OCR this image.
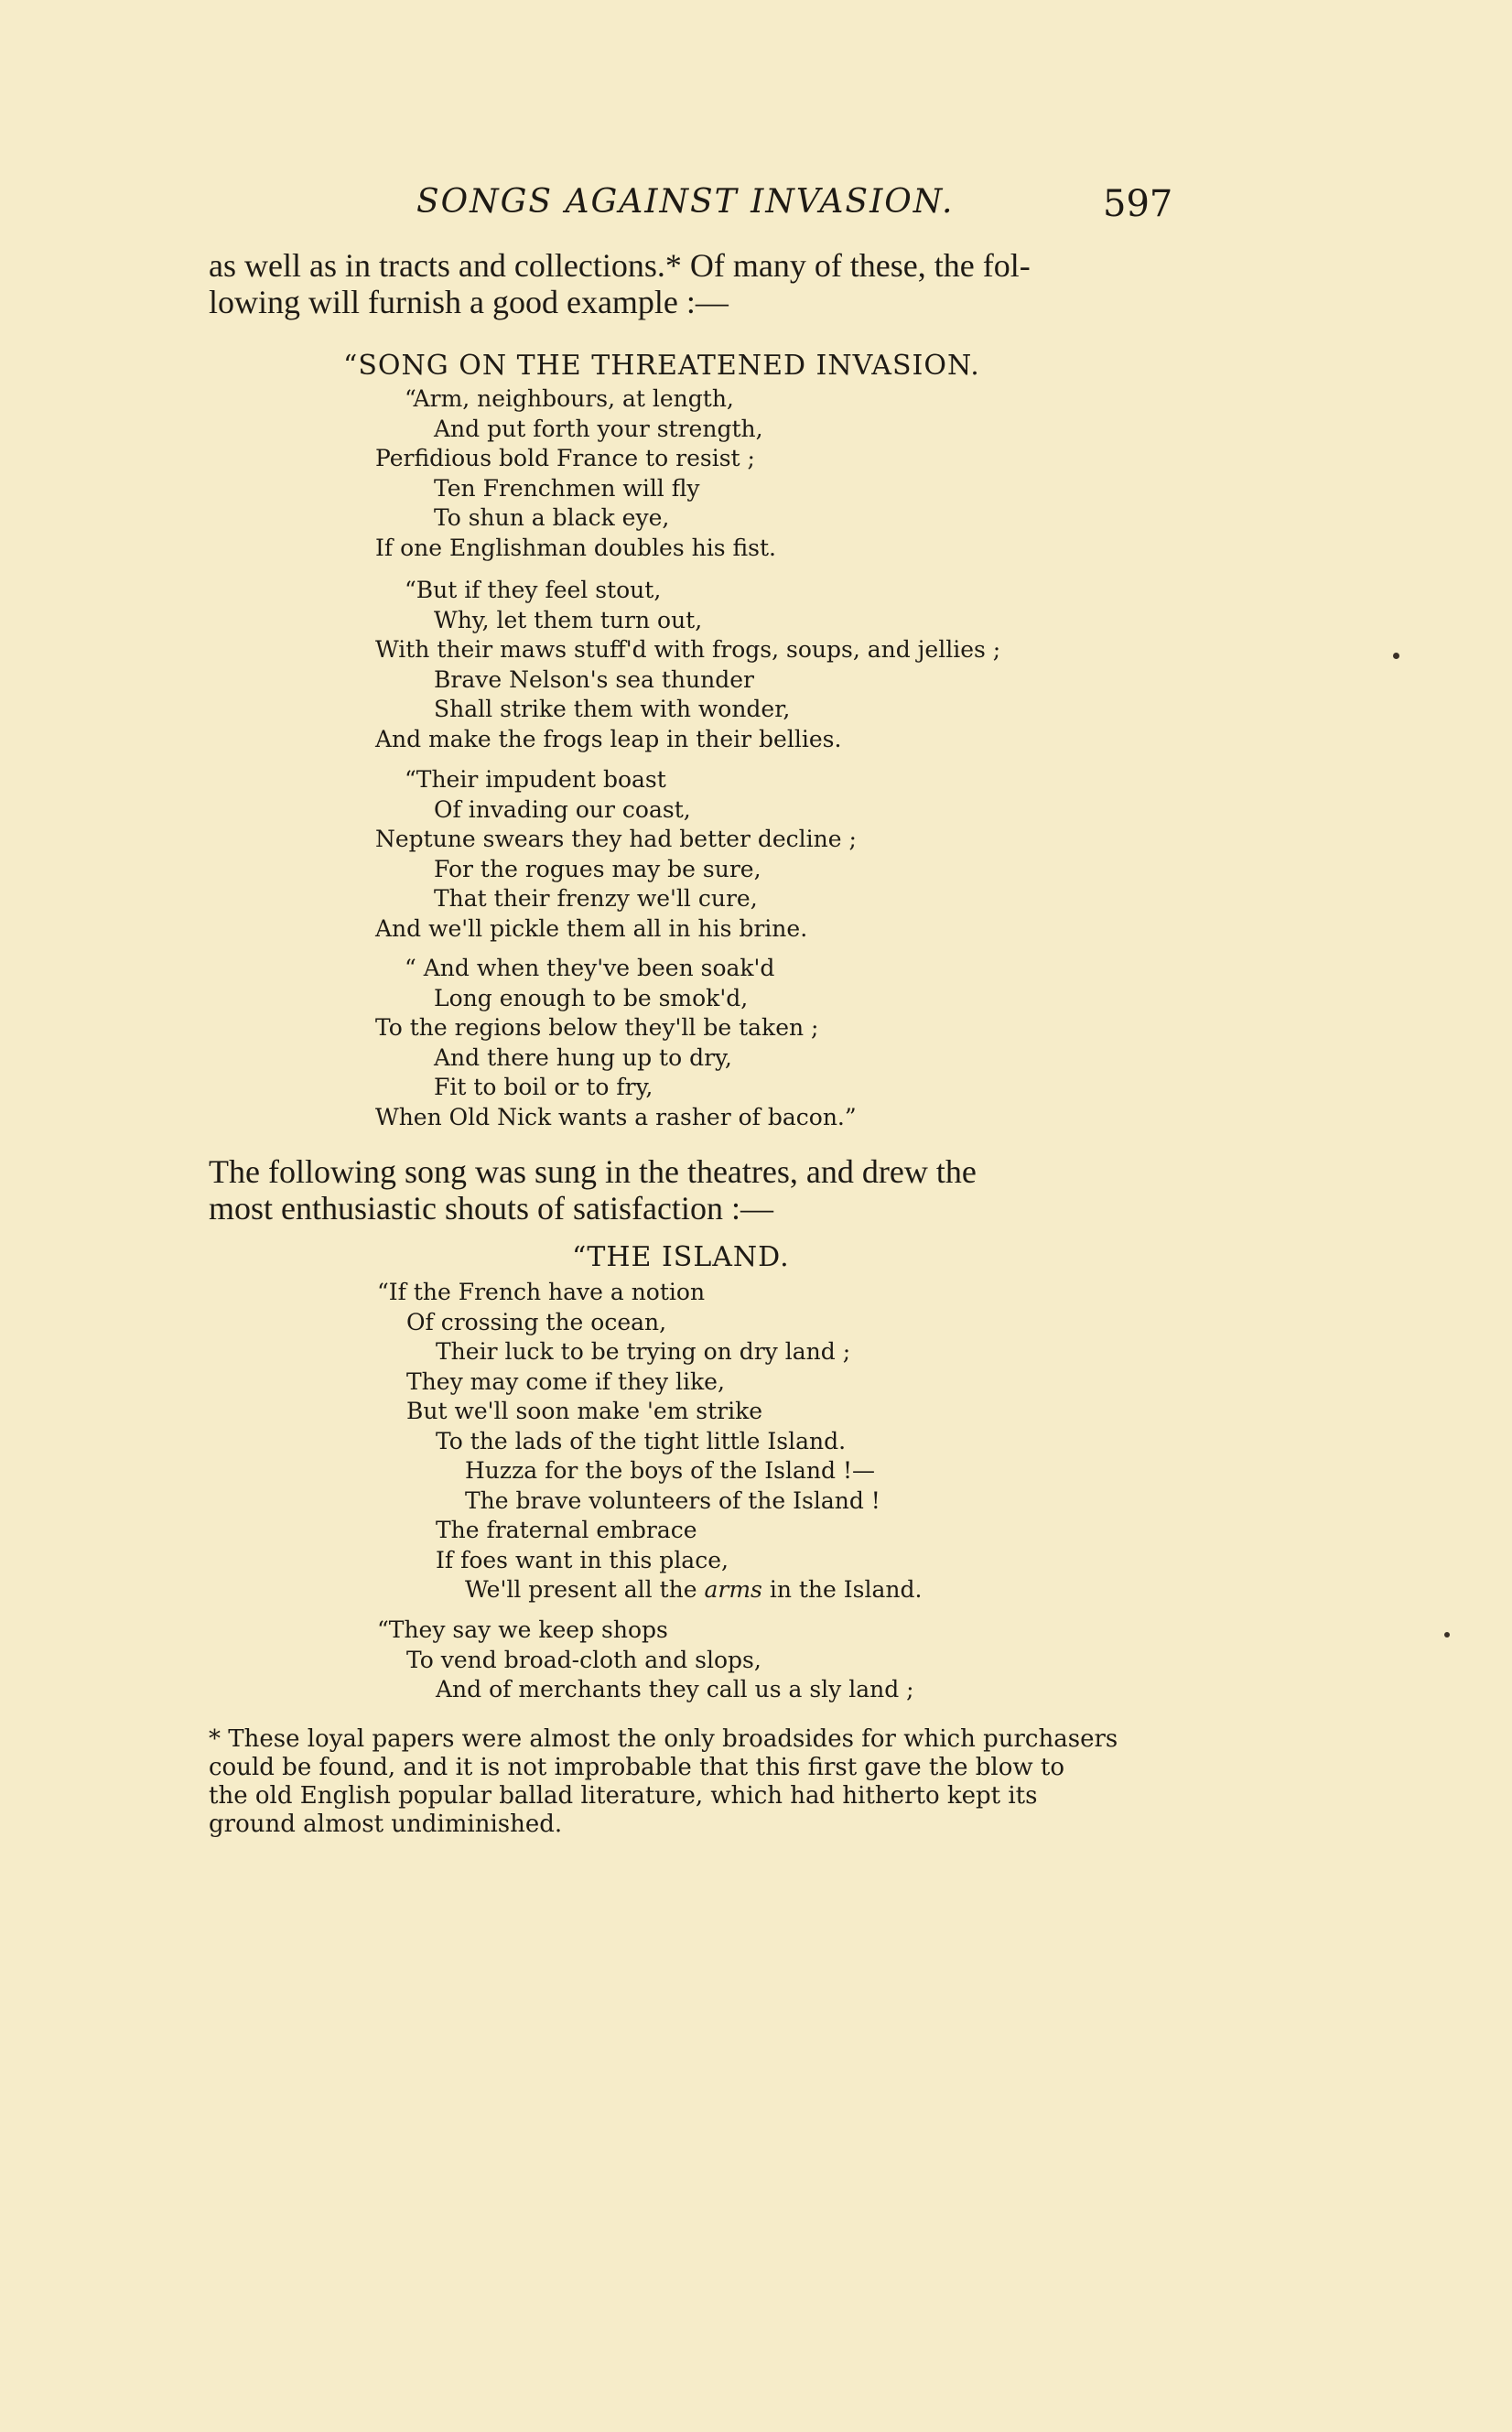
SONGS AGAINST INVASION.	597
as well as in tracts and collections.* Of many of these, the fol-
lowing will furnish a good example :—
“SONG ON THE THREATENED INVASION.
“Arm, neighbours, at length,
And put forth your strength,
Perfidious bold France to resist ;
Ten Frenchmen will fly
To shun a black eye,
If one Englishman doubles his fist.
“But if they feel stout,
Why, let them turn out,
With their maws stuff'd with frogs, soups, and jellies ;
Brave Nelson's sea thunder
Shall strike them with wonder,
And make the frogs leap in their bellies.
“Their impudent boast
Of invading our coast,
Neptune swears they had better decline ;
For the rogues may be sure,
That their frenzy we'll cure,
And we'll pickle them all in his brine.
“ And when they've been soak'd
Long enough to be smok'd,
To the regions below they'll be taken ;
And there hung up to dry,
Fit to boil or to fry,
When Old Nick wants a rasher of bacon.”
The following song was sung in the theatres, and drew the
most enthusiastic shouts of satisfaction :—
“THE ISLAND.
“If the French have a notion
Of crossing the ocean,
Their luck to be trying on dry land ;
They may come if they like,
But we'll soon make 'em strike
To the lads of the tight little Island.
Huzza for the boys of the Island !—
The brave volunteers of the Island !
The fraternal embrace
If foes want in this place,
We'll present all the arms in the Island.
“They say we keep shops
To vend broad-cloth and slops,
And of merchants they call us a sly land ;
* These loyal papers were almost the only broadsides for which purchasers
could be found, and it is not improbable that this first gave the blow to
the old English popular ballad literature, which had hitherto kept its
ground almost undiminished.
